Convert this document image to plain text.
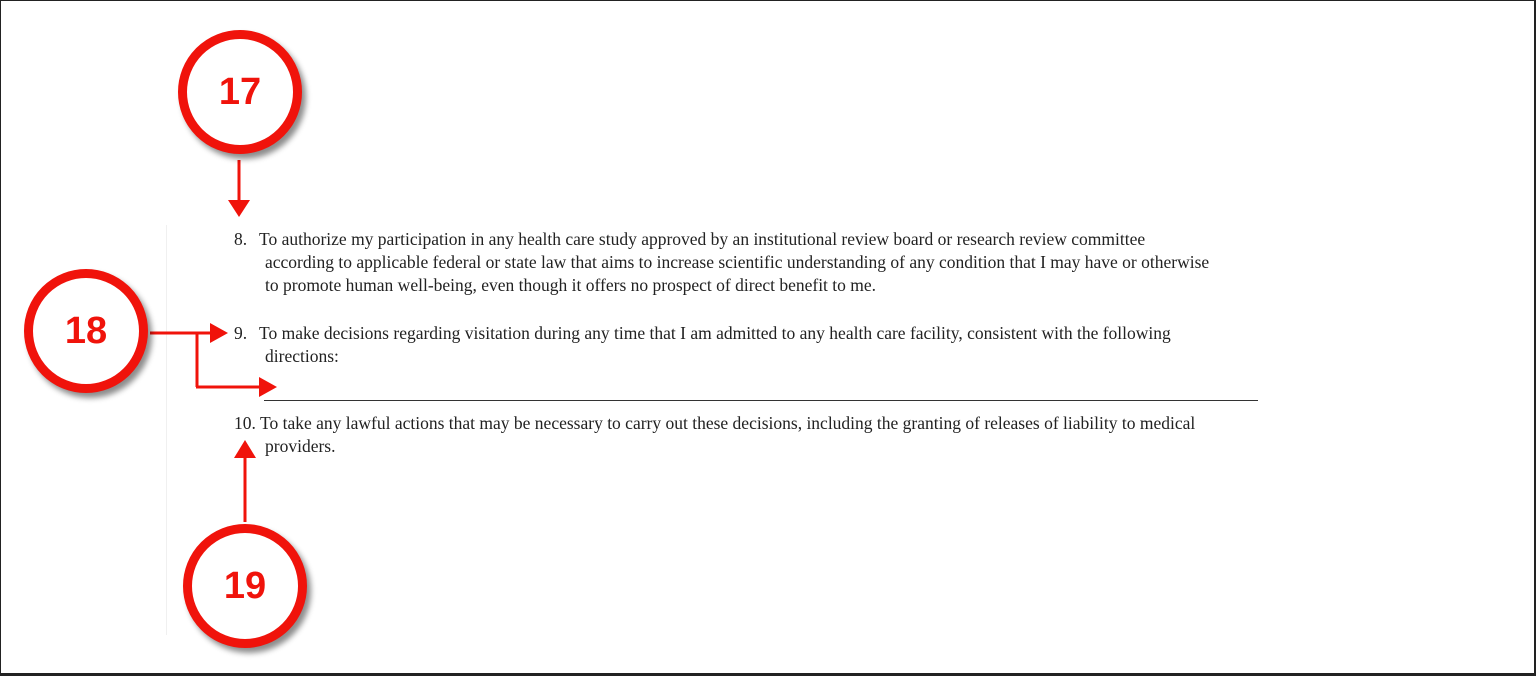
8. To authorize my participation in any health care study approved by an institutional review board or research review committee
according to applicable federal or state law that aims to increase scientific understanding of any condition that I may have or otherwise
to promote human well-being, even though it offers no prospect of direct benefit to me.
9. To make decisions regarding visitation during any time that I am admitted to any health care facility, consistent with the following
directions:
10. To take any lawful actions that may be necessary to carry out these decisions, including the granting of releases of liability to medical
providers.
17
18
19
